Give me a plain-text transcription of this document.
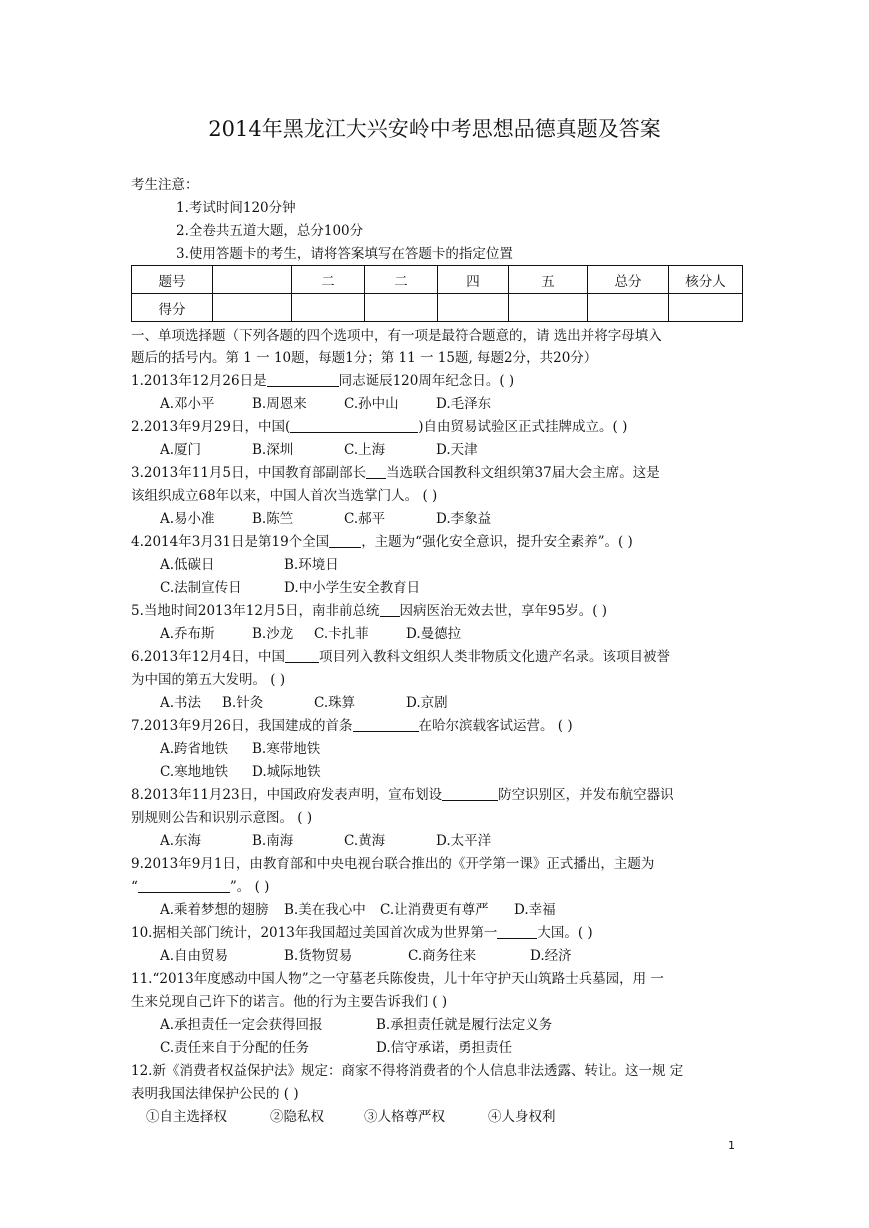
2014年黑龙江大兴安岭中考思想品德真题及答案
考生注意：
1.考试时间120分钟
2.全卷共五道大题，总分100分
3.使用答题卡的考生，请将答案填写在答题卡的指定位置
题号		二	二	四	五	总分	核分人
得分							
一、单项选择题（下列各题的四个选项中，有一项是最符合题意的，请 选出并将字母填入
题后的括号内。第 1 一 10题，每题1分；第 11 一 15题, 每题2分，共20分）
1.2013年12月26日是	同志诞辰120周年纪念日。( )
A.邓小平	B.周恩来	C.孙中山	D.毛泽东
2.2013年9月29日，中国(	)自由贸易试验区正式挂牌成立。( )
A.厦门	B.深圳	C.上海	D.天津
3.2013年11月5日，中国教育部副部长 当选联合国教科文组织第37届大会主席。这是
该组织成立68年以来，中国人首次当选掌门人。 ( )
A.易小准	B.陈竺	C.郝平	D.李象益
4.2014年3月31日是第19个全国 ，主题为“强化安全意识，提升安全素养”。( )
A.低碳日	B.环境日
C.法制宣传日	D.中小学生安全教育日
5.当地时间2013年12月5日，南非前总统 因病医治无效去世，享年95岁。( )
A.乔布斯	B.沙龙 C.卡扎菲	D.曼德拉
6.2013年12月4日，中国	项目列入教科文组织人类非物质文化遗产名录。该项目被誉
为中国的第五大发明。 ( )
A.书法 B.针灸	C.珠算	D.京剧
7.2013年9月26日，我国建成的首条	在哈尔滨载客试运营。 ( )
A.跨省地铁 B.寒带地铁
C.寒地地铁 D.城际地铁
8.2013年11月23日，中国政府发表声明，宣布划设	防空识别区，并发布航空器识
别规则公告和识别示意图。 ( )
A.东海	B.南海	C.黄海	D.太平洋
9.2013年9月1日，由教育部和中央电视台联合推出的《开学第一课》正式播出，主题为
“	”。 ( )
A.乘着梦想的翅膀 B.美在我心中 C.让消费更有尊严 D.幸福
10.据相关部门统计，2013年我国超过美国首次成为世界第一	大国。( )
A.自由贸易	B.货物贸易	C.商务往来	D.经济
11.“2013年度感动中国人物”之一守墓老兵陈俊贵，儿十年守护天山筑路士兵墓园，用 一
生来兑现自己许下的诺言。他的行为主要告诉我们 ( )
A.承担责任一定会获得回报	B.承担责任就是履行法定义务
C.责任来自于分配的任务	D.信守承诺，勇担责任
12.新《消费者权益保护法》规定：商家不得将消费者的个人信息非法透露、转让。这一规 定
表明我国法律保护公民的 ( )
①自主选择权	②隐私权	③人格尊严权	④人身权利
1
